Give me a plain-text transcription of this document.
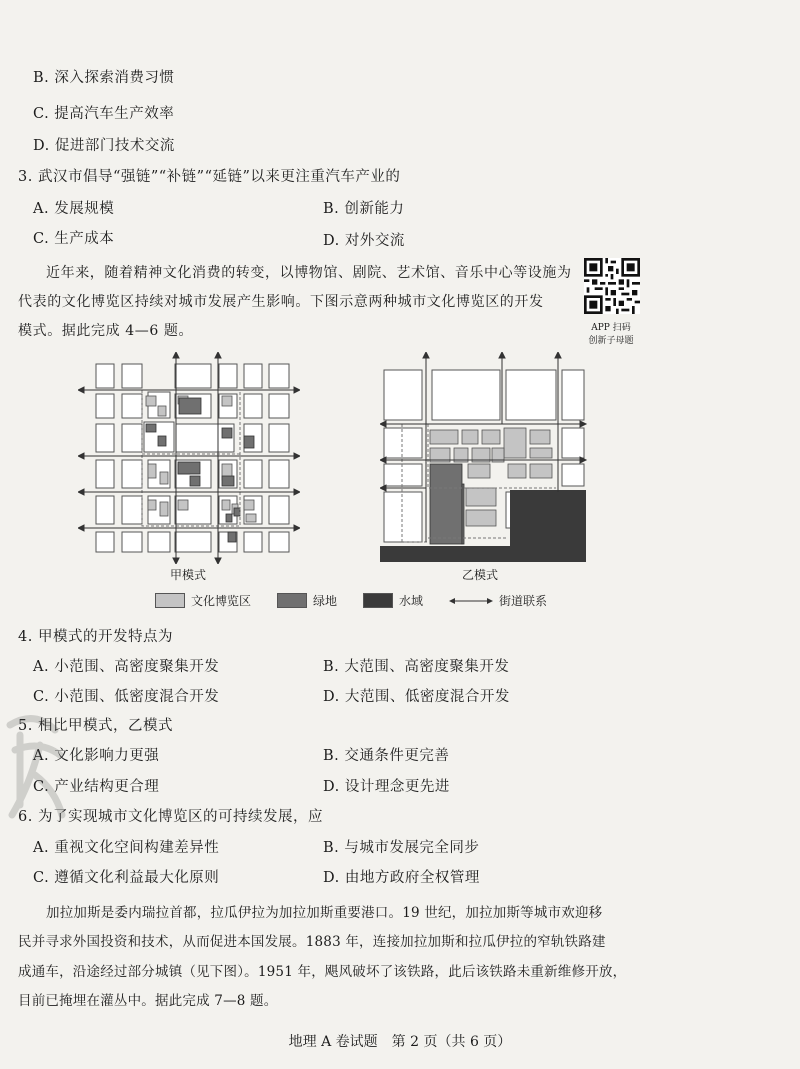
B. 深入探索消费习惯
C. 提高汽车生产效率
D. 促进部门技术交流
3. 武汉市倡导“强链”“补链”“延链”以来更注重汽车产业的
A. 发展规模	B. 创新能力
C. 生产成本	D. 对外交流
近年来，随着精神文化消费的转变，以博物馆、剧院、艺术馆、音乐中心等设施为
代表的文化博览区持续对城市发展产生影响。下图示意两种城市文化博览区的开发
模式。据此完成 4—6 题。	APP 扫码
创新子母题
甲模式	乙模式
文化博览区	绿地	水域	街道联系
4. 甲模式的开发特点为
A. 小范围、高密度聚集开发	B. 大范围、高密度聚集开发
C. 小范围、低密度混合开发	D. 大范围、低密度混合开发
5. 相比甲模式，乙模式
A. 文化影响力更强	B. 交通条件更完善
C. 产业结构更合理	D. 设计理念更先进
6. 为了实现城市文化博览区的可持续发展，应
A. 重视文化空间构建差异性	B. 与城市发展完全同步
C. 遵循文化利益最大化原则	D. 由地方政府全权管理
加拉加斯是委内瑞拉首都，拉瓜伊拉为加拉加斯重要港口。19 世纪，加拉加斯等城市欢迎移
民并寻求外国投资和技术，从而促进本国发展。1883 年，连接加拉加斯和拉瓜伊拉的窄轨铁路建
成通车，沿途经过部分城镇（见下图）。1951 年，飓风破坏了该铁路，此后该铁路未重新维修开放，
目前已掩埋在灌丛中。据此完成 7—8 题。
地理 A 卷试题　第 2 页（共 6 页）
